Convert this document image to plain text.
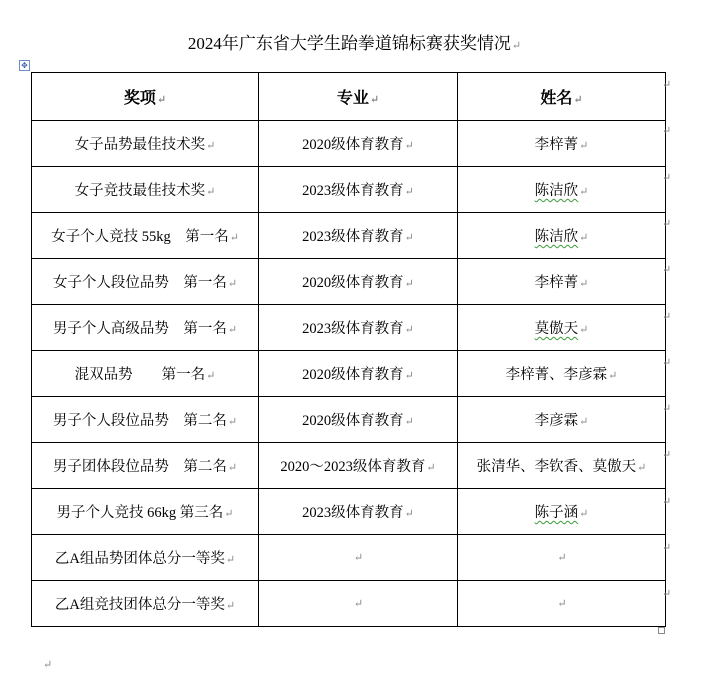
2024年广东省大学生跆拳道锦标赛获奖情况↵
✥
奖项↵	专业↵	姓名↵
女子品势最佳技术奖↵	2020级体育教育↵	李梓菁↵
女子竞技最佳技术奖↵	2023级体育教育↵	陈洁欣↵
女子个人竞技 55kg　第一名↵	2023级体育教育↵	陈洁欣↵
女子个人段位品势　第一名↵	2020级体育教育↵	李梓菁↵
男子个人高级品势　第一名↵	2023级体育教育↵	莫傲天↵
混双品势　　第一名↵	2020级体育教育↵	李梓菁、李彦霖↵
男子个人段位品势　第二名↵	2020级体育教育↵	李彦霖↵
男子团体段位品势　第二名↵	2020～2023级体育教育↵	张清华、李钦香、莫傲天↵
男子个人竞技 66kg 第三名↵	2023级体育教育↵	陈子涵↵
乙A组品势团体总分一等奖↵	↵	↵
乙A组竞技团体总分一等奖↵	↵	↵
↵
↵
↵
↵
↵
↵
↵
↵
↵
↵
↵
↵
↵
